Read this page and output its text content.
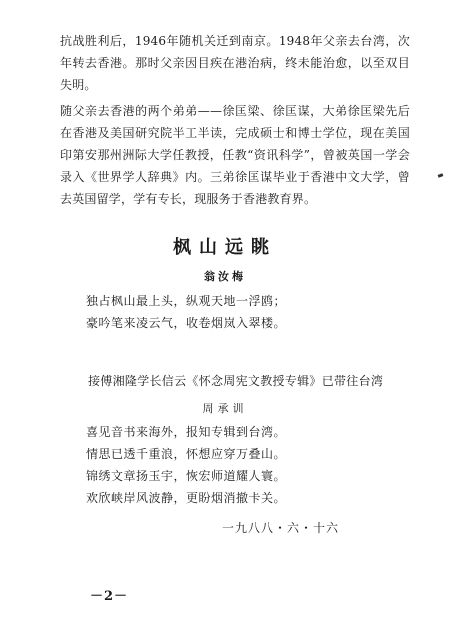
抗战胜利后，1946年随机关迁到南京。1948年父亲去台湾，次年转去香港。那时父亲因目疾在港治病，终未能治愈，以至双目失明。

随父亲去香港的两个弟弟——徐匡梁、徐匡谋，大弟徐匡梁先后在香港及美国研究院半工半读，完成硕士和博士学位，现在美国印第安那州洲际大学任教授，任教“资讯科学”，曾被英国一学会录入《世界学人辞典》内。三弟徐匡谋毕业于香港中文大学，曾去英国留学，学有专长，现服务于香港教育界。

枫山远眺
翁汝梅
独占枫山最上头，纵观天地一浮鸥；
豪吟笔来凌云气，收卷烟岚入翠楼。
接傅湘隆学长信云《怀念周宪文教授专辑》已带往台湾
周承训
喜见音书来海外，报知专辑到台湾。
情思已透千重浪，怀想应穿万叠山。
锦绣文章扬玉宇，恢宏师道耀人寰。
欢欣峡岸风波静，更盼烟消撤卡关。
一九八八・六・十六
－2－
